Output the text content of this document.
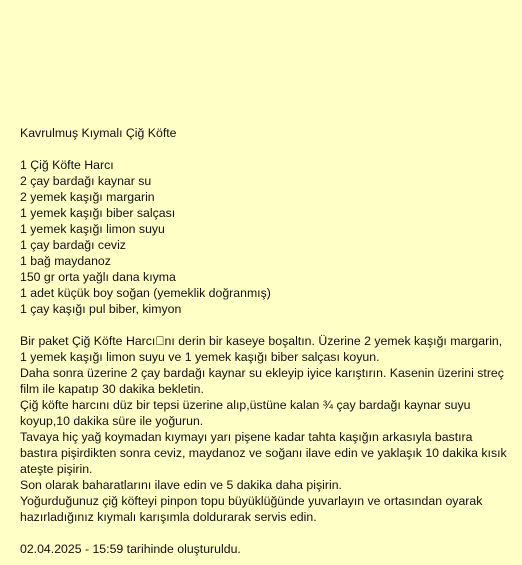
Kavrulmuş Kıymalı Çiğ Köfte
1 Çiğ Köfte Harcı
2 çay bardağı kaynar su
2 yemek kaşığı margarin
1 yemek kaşığı biber salçası
1 yemek kaşığı limon suyu
1 çay bardağı ceviz
1 bağ maydanoz
150 gr orta yağlı dana kıyma
1 adet küçük boy soğan (yemeklik doğranmış)
1 çay kaşığı pul biber, kimyon
Bir paket Çiğ Köfte Harcı nı derin bir kaseye boşaltın. Üzerine 2 yemek kaşığı margarin, 1 yemek kaşığı limon suyu ve 1 yemek kaşığı biber salçası koyun.
Daha sonra üzerine 2 çay bardağı kaynar su ekleyip iyice karıştırın. Kasenin üzerini streç film ile kapatıp 30 dakika bekletin.
Çiğ köfte harcını düz bir tepsi üzerine alıp,üstüne kalan ¾ çay bardağı kaynar suyu koyup,10 dakika süre ile yoğurun.
Tavaya hiç yağ koymadan kıymayı yarı pişene kadar tahta kaşığın arkasıyla bastıra bastıra pişirdikten sonra ceviz, maydanoz ve soğanı ilave edin ve yaklaşık 10 dakika kısık ateşte pişirin.
Son olarak baharatlarını ilave edin ve 5 dakika daha pişirin.
Yoğurduğunuz çiğ köfteyi pinpon topu büyüklüğünde yuvarlayın ve ortasından oyarak hazırladığınız kıymalı karışımla doldurarak servis edin.
02.04.2025 - 15:59 tarihinde oluşturuldu.
